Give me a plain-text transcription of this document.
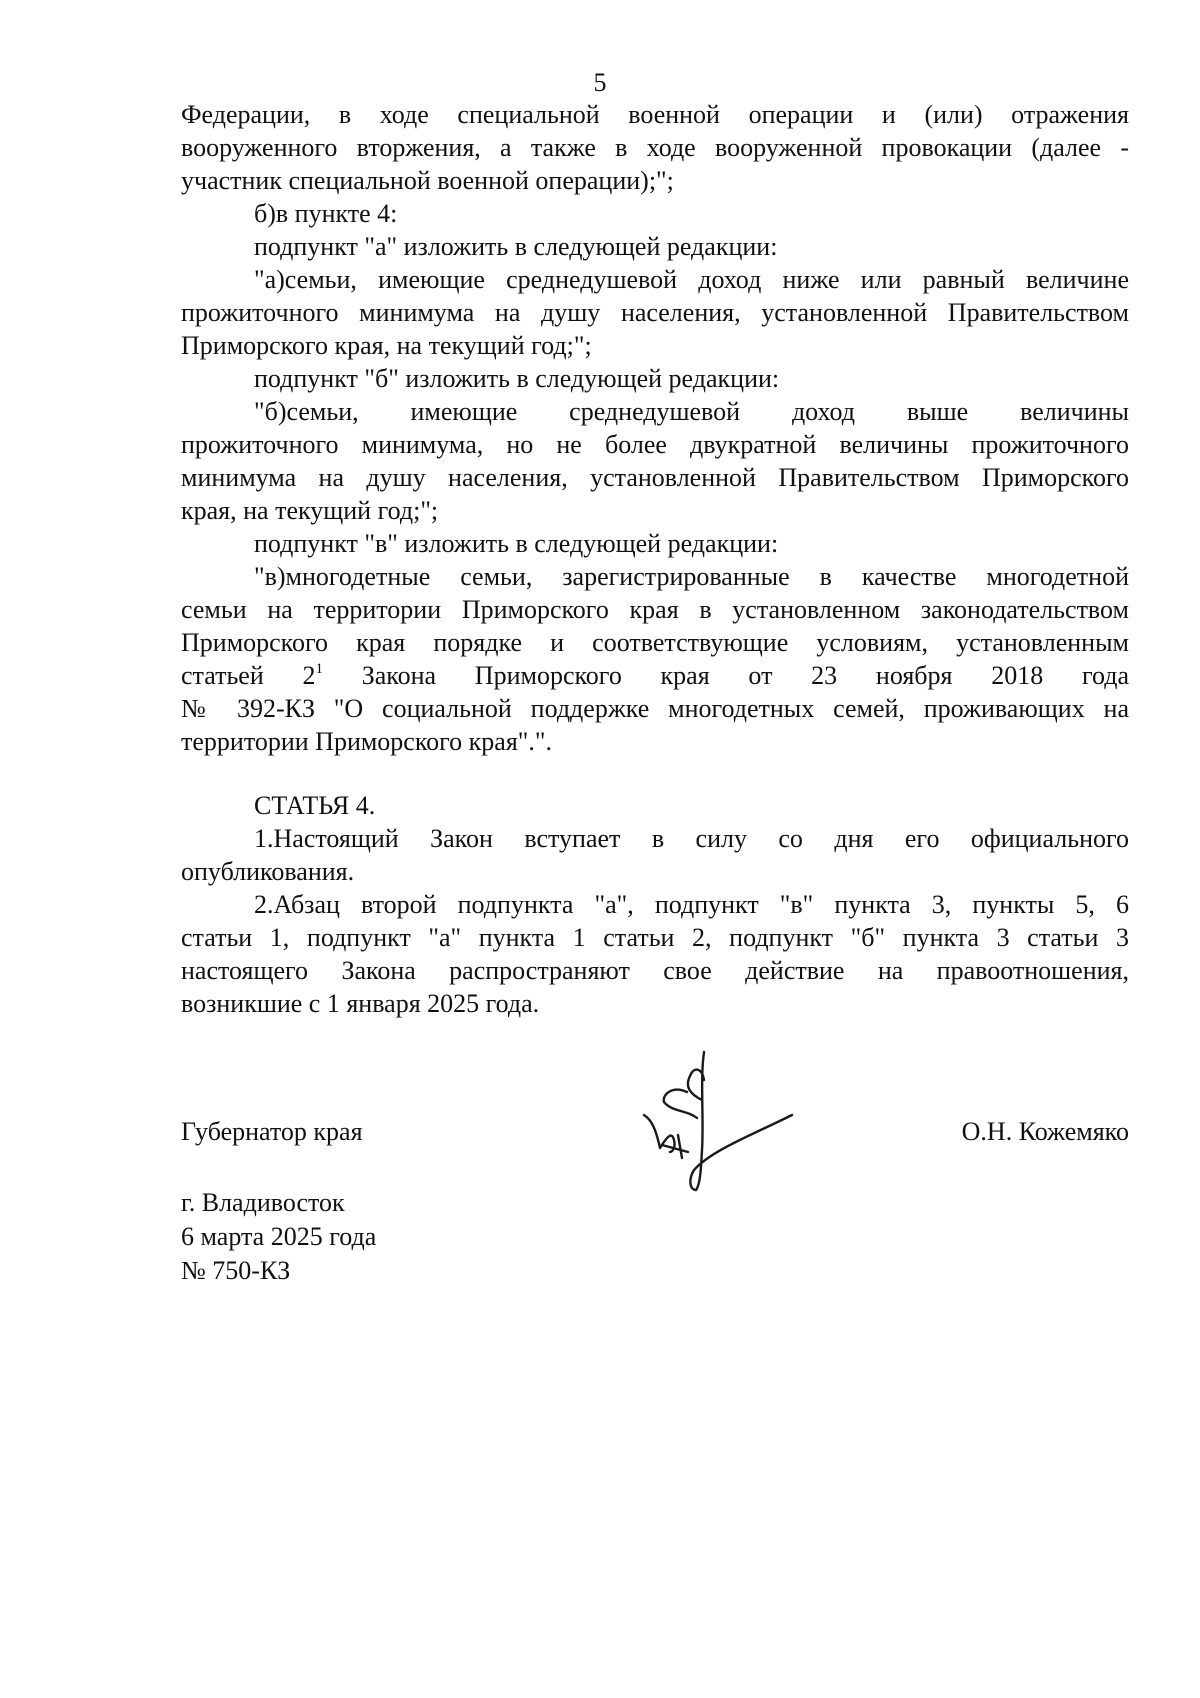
5

Федерации, в ходе специальной военной операции и (или) отражения

вооруженного вторжения, а также в ходе вооруженной провокации (далее -

участник специальной военной операции);";

б)в пункте 4:

подпункт "а" изложить в следующей редакции:

"а)семьи, имеющие среднедушевой доход ниже или равный величине

прожиточного минимума на душу населения, установленной Правительством

Приморского края, на текущий год;";

подпункт "б" изложить в следующей редакции:

"б)семьи, имеющие среднедушевой доход выше величины

прожиточного минимума, но не более двукратной величины прожиточного

минимума на душу населения, установленной Правительством Приморского

края, на текущий год;";

подпункт "в" изложить в следующей редакции:

"в)многодетные семьи, зарегистрированные в качестве многодетной

семьи на территории Приморского края в установленном законодательством

Приморского края порядке и соответствующие условиям, установленным

статьей $2^1$ Закона Приморского края от 23 ноября 2018 года

№ 392-КЗ "О социальной поддержке многодетных семей, проживающих на

территории Приморского края".".

СТАТЬЯ 4.

1.Настоящий Закон вступает в силу со дня его официального

опубликования.

2.Абзац второй подпункта "а", подпункт "в" пункта 3, пункты 5, 6

статьи 1, подпункт "а" пункта 1 статьи 2, подпункт "б" пункта 3 статьи 3

настоящего Закона распространяют свое действие на правоотношения,

возникшие с 1 января 2025 года.

Губернатор края	О.Н. Кожемяко
г. Владивосток
6 марта 2025 года
№ 750-КЗ
